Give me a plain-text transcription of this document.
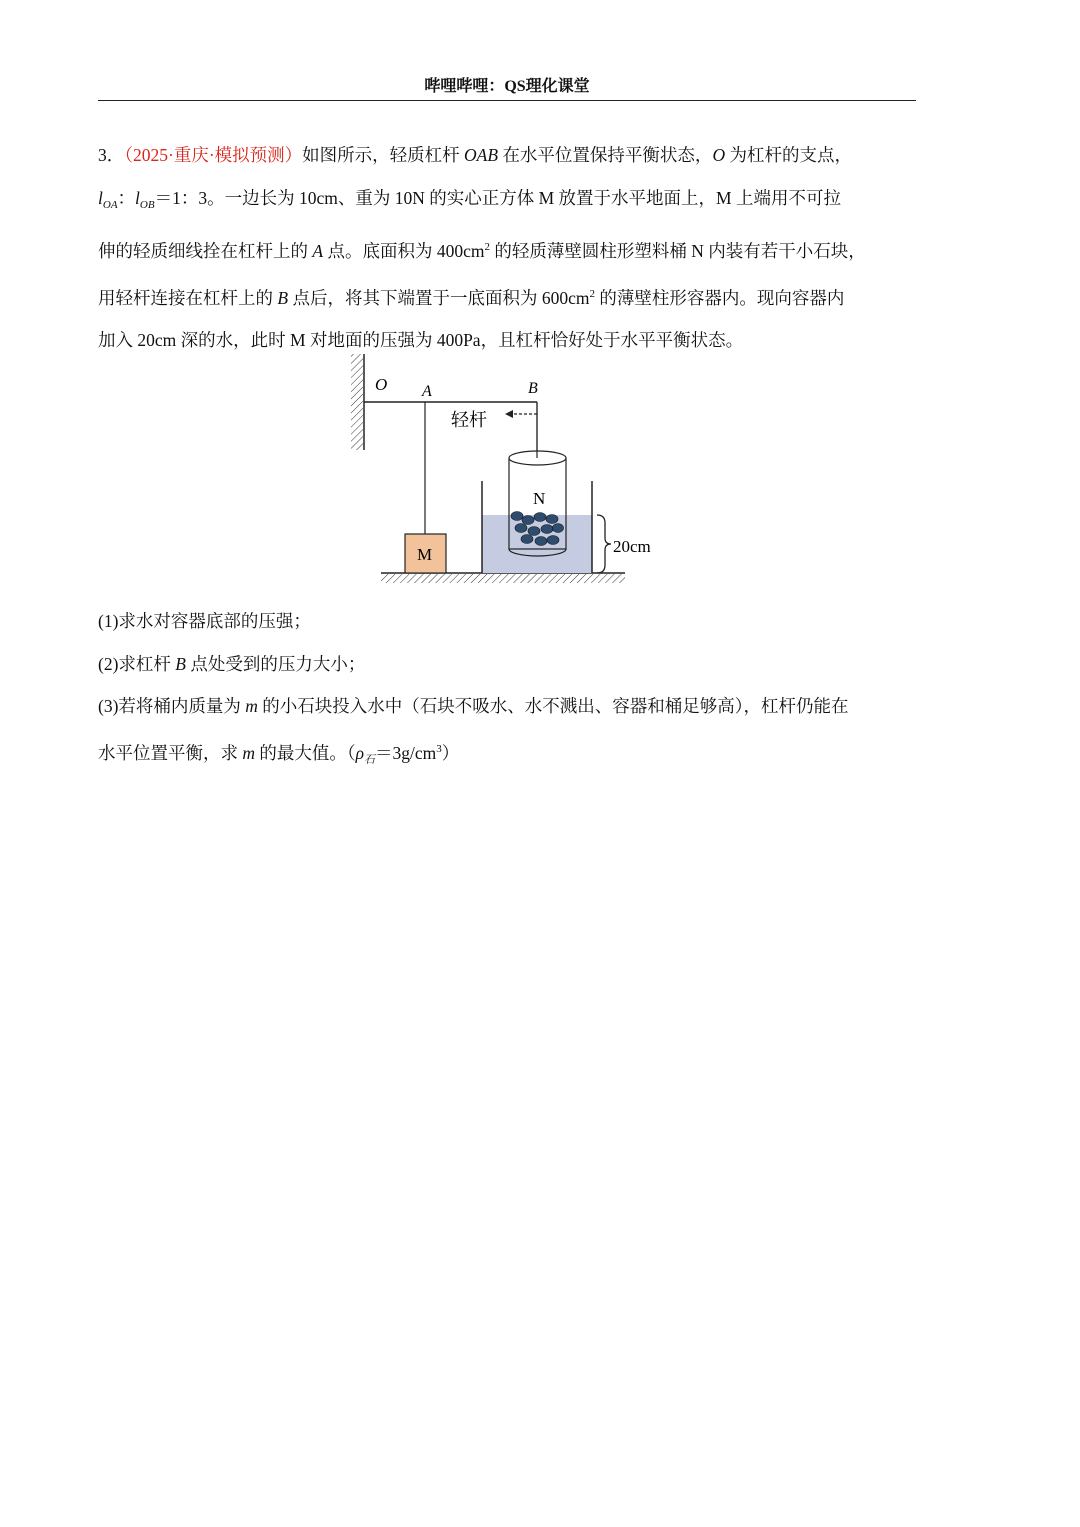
哔哩哔哩：QS理化课堂

3．（2025·重庆·模拟预测）如图所示，轻质杠杆 OAB 在水平位置保持平衡状态，O 为杠杆的支点，

$l_{OA}$：$l_{OB}=1$：3。一边长为 10cm、重为 10N 的实心正方体 M 放置于水平地面上，M 上端用不可拉

伸的轻质细线拴在杠杆上的 A 点。底面积为 $400cm^2$ 的轻质薄壁圆柱形塑料桶 N 内装有若干小石块，

用轻杆连接在杠杆上的 B 点后，将其下端置于一底面积为 $600cm^2$ 的薄壁柱形容器内。现向容器内

加入 20cm 深的水，此时 M 对地面的压强为 400Pa，且杠杆恰好处于水平平衡状态。

O A	B
轻杆
N
M	20cm

(1)求水对容器底部的压强；

(2)求杠杆 B 点处受到的压力大小；

(3)若将桶内质量为 m 的小石块投入水中（石块不吸水、水不溅出、容器和桶足够高），杠杆仍能在

水平位置平衡，求 m 的最大值。$(\rho_石=3g/cm^3)$
